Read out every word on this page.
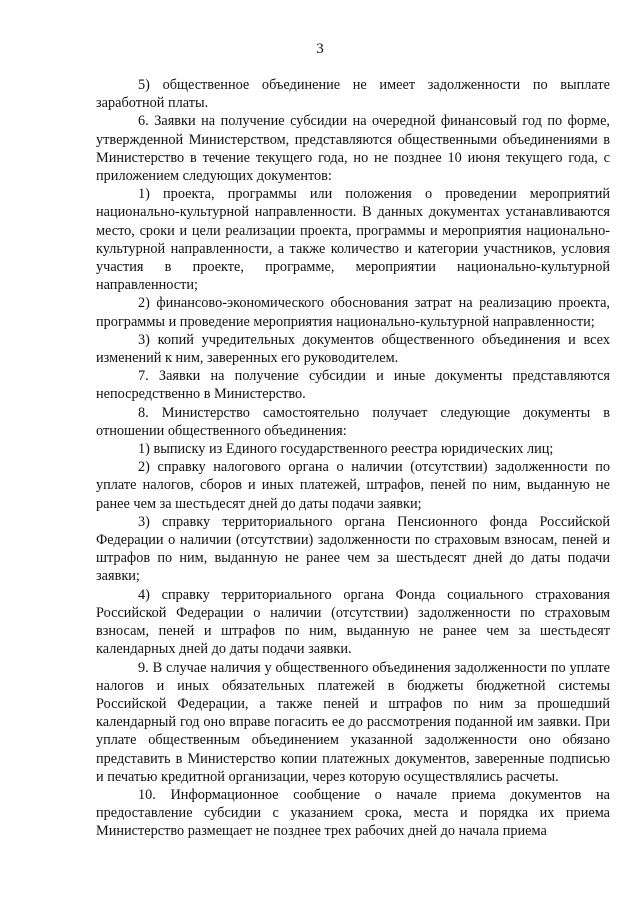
3

5) общественное объединение не имеет задолженности по выплате заработной платы.

6. Заявки на получение субсидии на очередной финансовый год по форме, утвержденной Министерством, представляются общественными объединениями в Министерство в течение текущего года, но не позднее 10 июня текущего года, с приложением следующих документов:

1) проекта, программы или положения о проведении мероприятий национально-культурной направленности. В данных документах устанавливаются место, сроки и цели реализации проекта, программы и мероприятия национально-культурной направленности, а также количество и категории участников, условия участия в проекте, программе, мероприятии национально-культурной направленности;

2) финансово-экономического обоснования затрат на реализацию проекта, программы и проведение мероприятия национально-культурной направленности;

3) копий учредительных документов общественного объединения и всех изменений к ним, заверенных его руководителем.

7. Заявки на получение субсидии и иные документы представляются непосредственно в Министерство.

8. Министерство самостоятельно получает следующие документы в отношении общественного объединения:

1) выписку из Единого государственного реестра юридических лиц;

2) справку налогового органа о наличии (отсутствии) задолженности по уплате налогов, сборов и иных платежей, штрафов, пеней по ним, выданную не ранее чем за шестьдесят дней до даты подачи заявки;

3) справку территориального органа Пенсионного фонда Российской Федерации о наличии (отсутствии) задолженности по страховым взносам, пеней и штрафов по ним, выданную не ранее чем за шестьдесят дней до даты подачи заявки;

4) справку территориального органа Фонда социального страхования Российской Федерации о наличии (отсутствии) задолженности по страховым взносам, пеней и штрафов по ним, выданную не ранее чем за шестьдесят календарных дней до даты подачи заявки.

9. В случае наличия у общественного объединения задолженности по уплате налогов и иных обязательных платежей в бюджеты бюджетной системы Российской Федерации, а также пеней и штрафов по ним за прошедший календарный год оно вправе погасить ее до рассмотрения поданной им заявки. При уплате общественным объединением указанной задолженности оно обязано представить в Министерство копии платежных документов, заверенные подписью и печатью кредитной организации, через которую осуществлялись расчеты.

10. Информационное сообщение о начале приема документов на предоставление субсидии с указанием срока, места и порядка их приема Министерство размещает не позднее трех рабочих дней до начала приема
